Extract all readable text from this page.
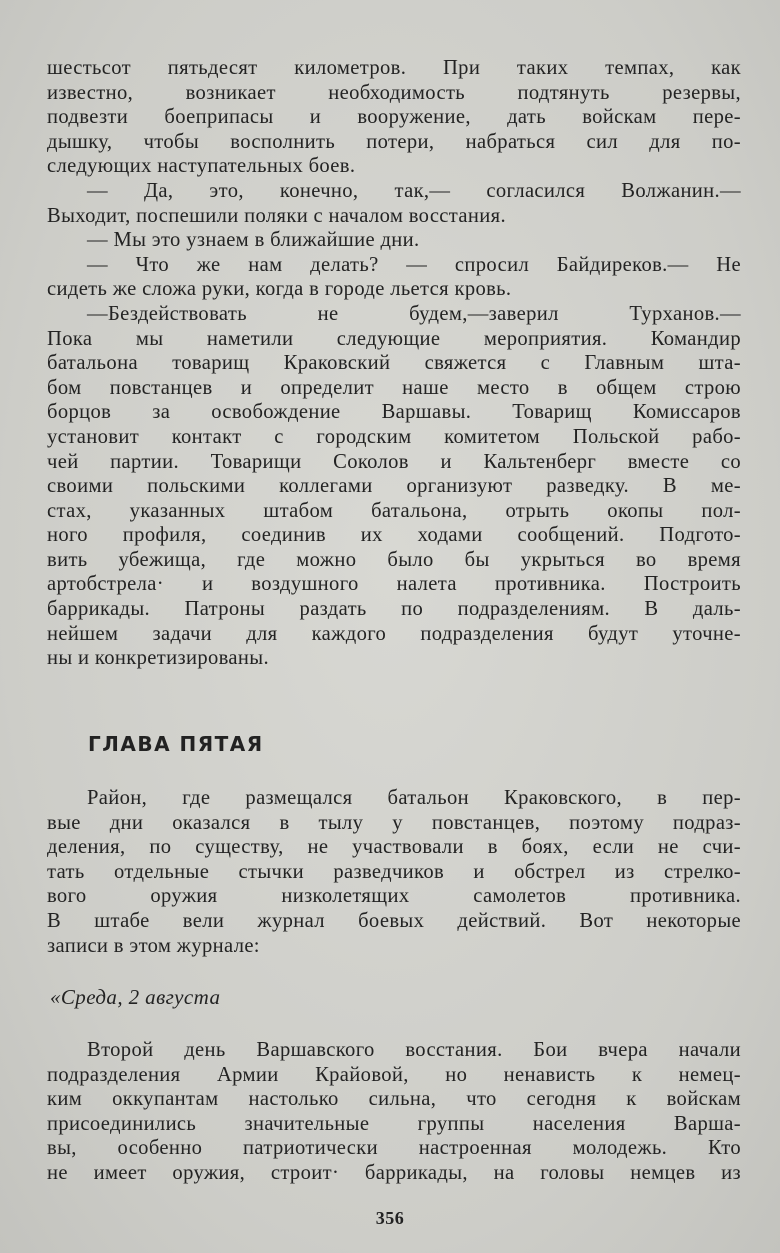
шестьсот пятьдесят километров. При таких темпах, как
известно, возникает необходимость подтянуть резервы,
подвезти боеприпасы и вооружение, дать войскам пере-
дышку, чтобы восполнить потери, набраться сил для по-
следующих наступательных боев.
— Да, это, конечно, так,— согласился Волжанин.—
Выходит, поспешили поляки с началом восстания.
— Мы это узнаем в ближайшие дни.
— Что же нам делать? — спросил Байдиреков.— Не
сидеть же сложа руки, когда в городе льется кровь.
—Бездействовать не будем,—заверил Турханов.—
Пока мы наметили следующие мероприятия. Командир
батальона товарищ Краковский свяжется с Главным шта-
бом повстанцев и определит наше место в общем строю
борцов за освобождение Варшавы. Товарищ Комиссаров
установит контакт с городским комитетом Польской рабо-
чей партии. Товарищи Соколов и Кальтенберг вместе со
своими польскими коллегами организуют разведку. В ме-
стах, указанных штабом батальона, отрыть окопы пол-
ного профиля, соединив их ходами сообщений. Подгото-
вить убежища, где можно было бы укрыться во время
артобстрела· и воздушного налета противника. Построить
баррикады. Патроны раздать по подразделениям. В даль-
нейшем задачи для каждого подразделения будут уточне-
ны и конкретизированы.
ГЛАВА ПЯТАЯ
Район, где размещался батальон Краковского, в пер-
вые дни оказался в тылу у повстанцев, поэтому подраз-
деления, по существу, не участвовали в боях, если не счи-
тать отдельные стычки разведчиков и обстрел из стрелко-
вого оружия низколетящих самолетов противника.
В штабе вели журнал боевых действий. Вот некоторые
записи в этом журнале:
«Среда, 2 августа
Второй день Варшавского восстания. Бои вчера начали
подразделения Армии Крайовой, но ненависть к немец-
ким оккупантам настолько сильна, что сегодня к войскам
присоединились значительные группы населения Варша-
вы, особенно патриотически настроенная молодежь. Кто
не имеет оружия, строит· баррикады, на головы немцев из
356
